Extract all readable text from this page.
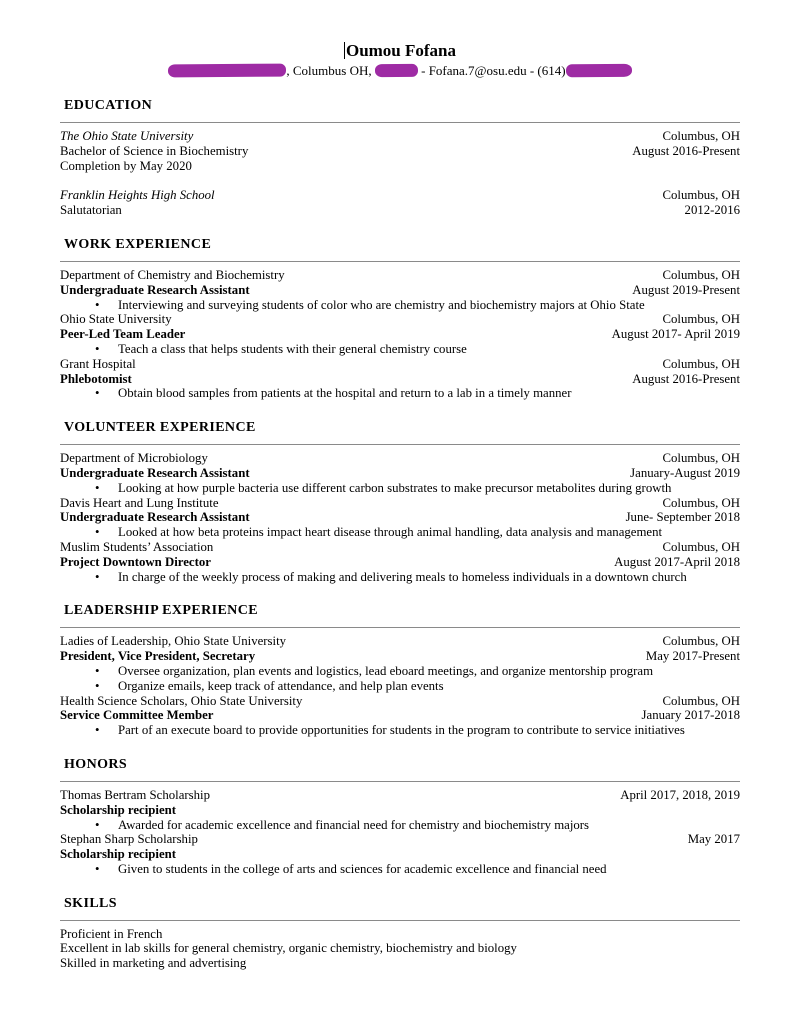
Oumou Fofana
, Columbus OH,	- Fofana.7@osu.edu - (614)
EDUCATION
The Ohio State University	Columbus, OH
Bachelor of Science in Biochemistry	August 2016-Present
Completion by May 2020
Franklin Heights High School	Columbus, OH
Salutatorian	2012-2016
WORK EXPERIENCE
Department of Chemistry and Biochemistry	Columbus, OH
Undergraduate Research Assistant	August 2019-Present
•
Interviewing and surveying students of color who are chemistry and biochemistry majors at Ohio State
Ohio State University	Columbus, OH
Peer-Led Team Leader	August 2017- April 2019
•
Teach a class that helps students with their general chemistry course
Grant Hospital	Columbus, OH
Phlebotomist	August 2016-Present
•
Obtain blood samples from patients at the hospital and return to a lab in a timely manner
VOLUNTEER EXPERIENCE
Department of Microbiology	Columbus, OH
Undergraduate Research Assistant	January-August 2019
•
Looking at how purple bacteria use different carbon substrates to make precursor metabolites during growth
Davis Heart and Lung Institute	Columbus, OH
Undergraduate Research Assistant	June- September 2018
•
Looked at how beta proteins impact heart disease through animal handling, data analysis and management
Muslim Students’ Association	Columbus, OH
Project Downtown Director	August 2017-April 2018
•
In charge of the weekly process of making and delivering meals to homeless individuals in a downtown church
LEADERSHIP EXPERIENCE
Ladies of Leadership, Ohio State University	Columbus, OH
President, Vice President, Secretary	May 2017-Present
•
Oversee organization, plan events and logistics, lead eboard meetings, and organize mentorship program
•
Organize emails, keep track of attendance, and help plan events
Health Science Scholars, Ohio State University	Columbus, OH
Service Committee Member	January 2017-2018
•
Part of an execute board to provide opportunities for students in the program to contribute to service initiatives
HONORS
Thomas Bertram Scholarship	April 2017, 2018, 2019
Scholarship recipient
•
Awarded for academic excellence and financial need for chemistry and biochemistry majors
Stephan Sharp Scholarship	May 2017
Scholarship recipient
•
Given to students in the college of arts and sciences for academic excellence and financial need
SKILLS
Proficient in French
Excellent in lab skills for general chemistry, organic chemistry, biochemistry and biology
Skilled in marketing and advertising
